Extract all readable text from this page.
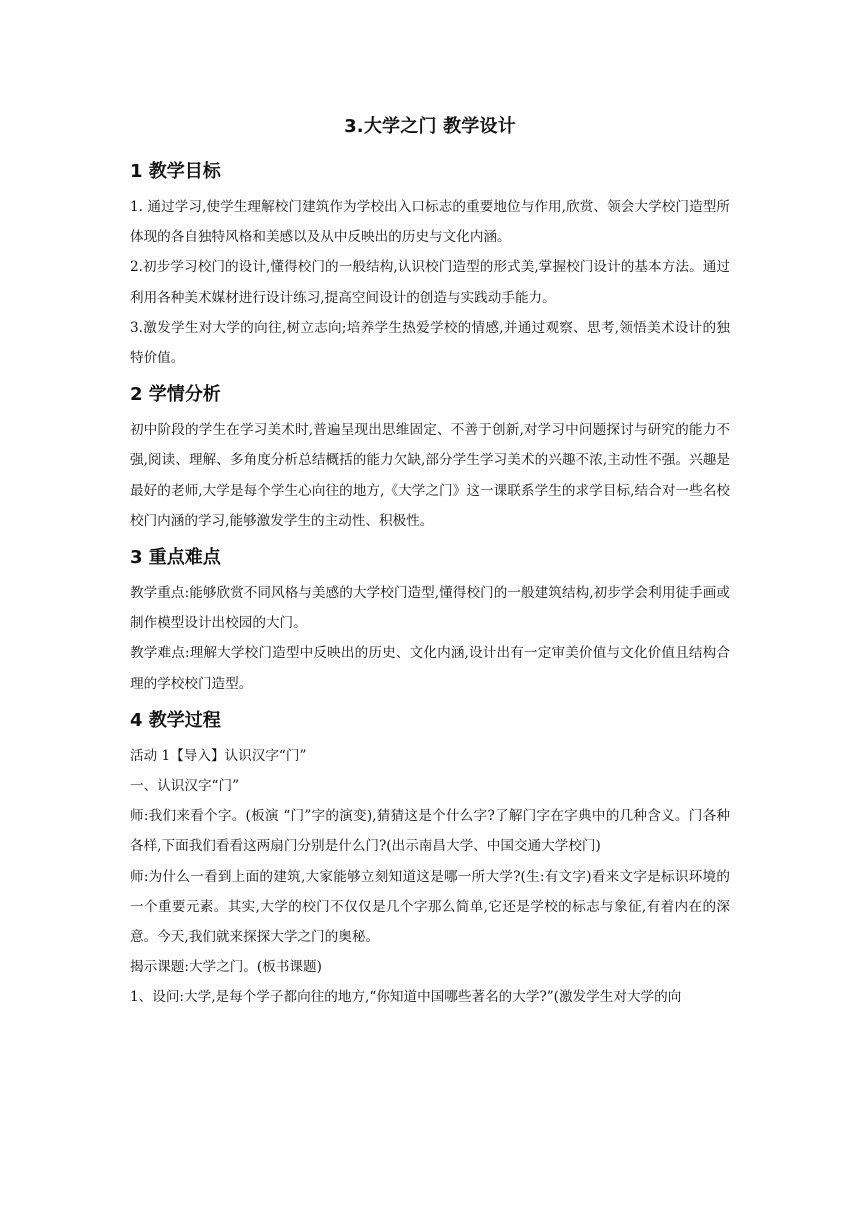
3.大学之门 教学设计
1 教学目标

1. 通过学习,使学生理解校门建筑作为学校出入口标志的重要地位与作用,欣赏、领会大学校门造型所体现的各自独特风格和美感以及从中反映出的历史与文化内涵。

2.初步学习校门的设计,懂得校门的一般结构,认识校门造型的形式美,掌握校门设计的基本方法。通过利用各种美术媒材进行设计练习,提高空间设计的创造与实践动手能力。

3.激发学生对大学的向往,树立志向;培养学生热爱学校的情感,并通过观察、思考,领悟美术设计的独特价值。

2 学情分析

初中阶段的学生在学习美术时,普遍呈现出思维固定、不善于创新,对学习中问题探讨与研究的能力不强,阅读、理解、多角度分析总结概括的能力欠缺,部分学生学习美术的兴趣不浓,主动性不强。兴趣是最好的老师,大学是每个学生心向往的地方,《大学之门》这一课联系学生的求学目标,结合对一些名校校门内涵的学习,能够激发学生的主动性、积极性。

3 重点难点

教学重点:能够欣赏不同风格与美感的大学校门造型,懂得校门的一般建筑结构,初步学会利用徒手画或制作模型设计出校园的大门。

教学难点:理解大学校门造型中反映出的历史、文化内涵,设计出有一定审美价值与文化价值且结构合理的学校校门造型。

4 教学过程

活动 1【导入】认识汉字“门”

一、认识汉字“门”

师:我们来看个字。(板演 “门”字的演变),猜猜这是个什么字?了解门字在字典中的几种含义。门各种各样,下面我们看看这两扇门分别是什么门?(出示南昌大学、中国交通大学校门)

师:为什么一看到上面的建筑,大家能够立刻知道这是哪一所大学?(生:有文字)看来文字是标识环境的一个重要元素。其实,大学的校门不仅仅是几个字那么简单,它还是学校的标志与象征,有着内在的深意。今天,我们就来探探大学之门的奥秘。

揭示课题:大学之门。(板书课题)

1、设问:大学,是每个学子都向往的地方,“你知道中国哪些著名的大学?”(激发学生对大学的向
